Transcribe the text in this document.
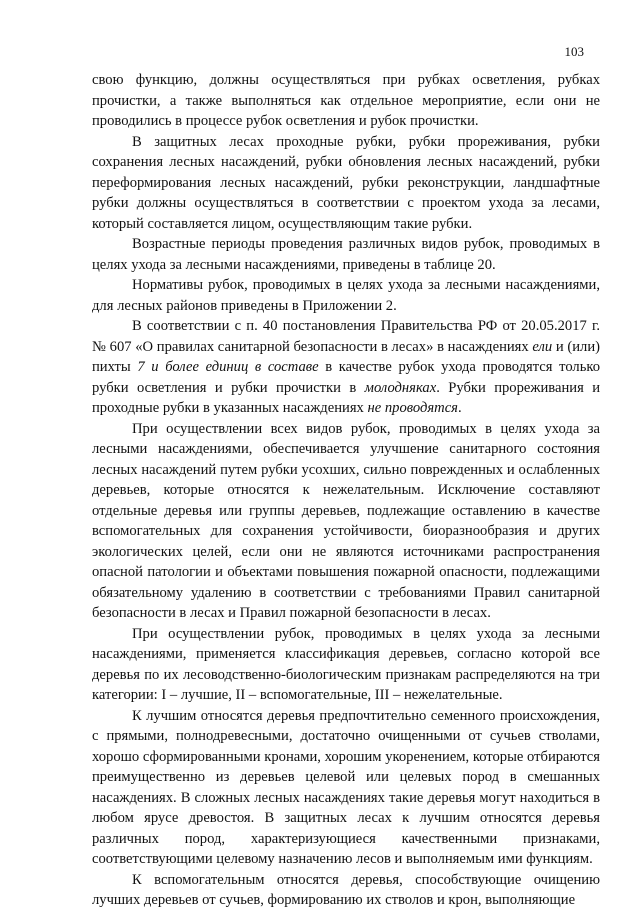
103

свою функцию, должны осуществляться при рубках осветления, рубках прочистки, а также выполняться как отдельное мероприятие, если они не проводились в процессе рубок осветления и рубок прочистки.

В защитных лесах проходные рубки, рубки прореживания, рубки сохранения лесных насаждений, рубки обновления лесных насаждений, рубки переформирования лесных насаждений, рубки реконструкции, ландшафтные рубки должны осуществляться в соответствии с проектом ухода за лесами, который составляется лицом, осуществляющим такие рубки.

Возрастные периоды проведения различных видов рубок, проводимых в целях ухода за лесными насаждениями, приведены в таблице 20.

Нормативы рубок, проводимых в целях ухода за лесными насаждениями, для лесных районов приведены в Приложении 2.

В соответствии с п. 40 постановления Правительства РФ от 20.05.2017 г. № 607 «О правилах санитарной безопасности в лесах» в насаждениях ели и (или) пихты 7 и более единиц в составе в качестве рубок ухода проводятся только рубки осветления и рубки прочистки в молодняках. Рубки прореживания и проходные рубки в указанных насаждениях не проводятся.

При осуществлении всех видов рубок, проводимых в целях ухода за лесными насаждениями, обеспечивается улучшение санитарного состояния лесных насаждений путем рубки усохших, сильно поврежденных и ослабленных деревьев, которые относятся к нежелательным. Исключение составляют отдельные деревья или группы деревьев, подлежащие оставлению в качестве вспомогательных для сохранения устойчивости, биоразнообразия и других экологических целей, если они не являются источниками распространения опасной патологии и объектами повышения пожарной опасности, подлежащими обязательному удалению в соответствии с требованиями Правил санитарной безопасности в лесах и Правил пожарной безопасности в лесах.

При осуществлении рубок, проводимых в целях ухода за лесными насаждениями, применяется классификация деревьев, согласно которой все деревья по их лесоводственно-биологическим признакам распределяются на три категории: I – лучшие, II – вспомогательные, III – нежелательные.

К лучшим относятся деревья предпочтительно семенного происхождения, с прямыми, полнодревесными, достаточно очищенными от сучьев стволами, хорошо сформированными кронами, хорошим укоренением, которые отбираются преимущественно из деревьев целевой или целевых пород в смешанных насаждениях. В сложных лесных насаждениях такие деревья могут находиться в любом ярусе древостоя. В защитных лесах к лучшим относятся деревья различных пород, характеризующиеся качественными признаками, соответствующими целевому назначению лесов и выполняемым ими функциям.

К вспомогательным относятся деревья, способствующие очищению лучших деревьев от сучьев, формированию их стволов и крон, выполняющие
